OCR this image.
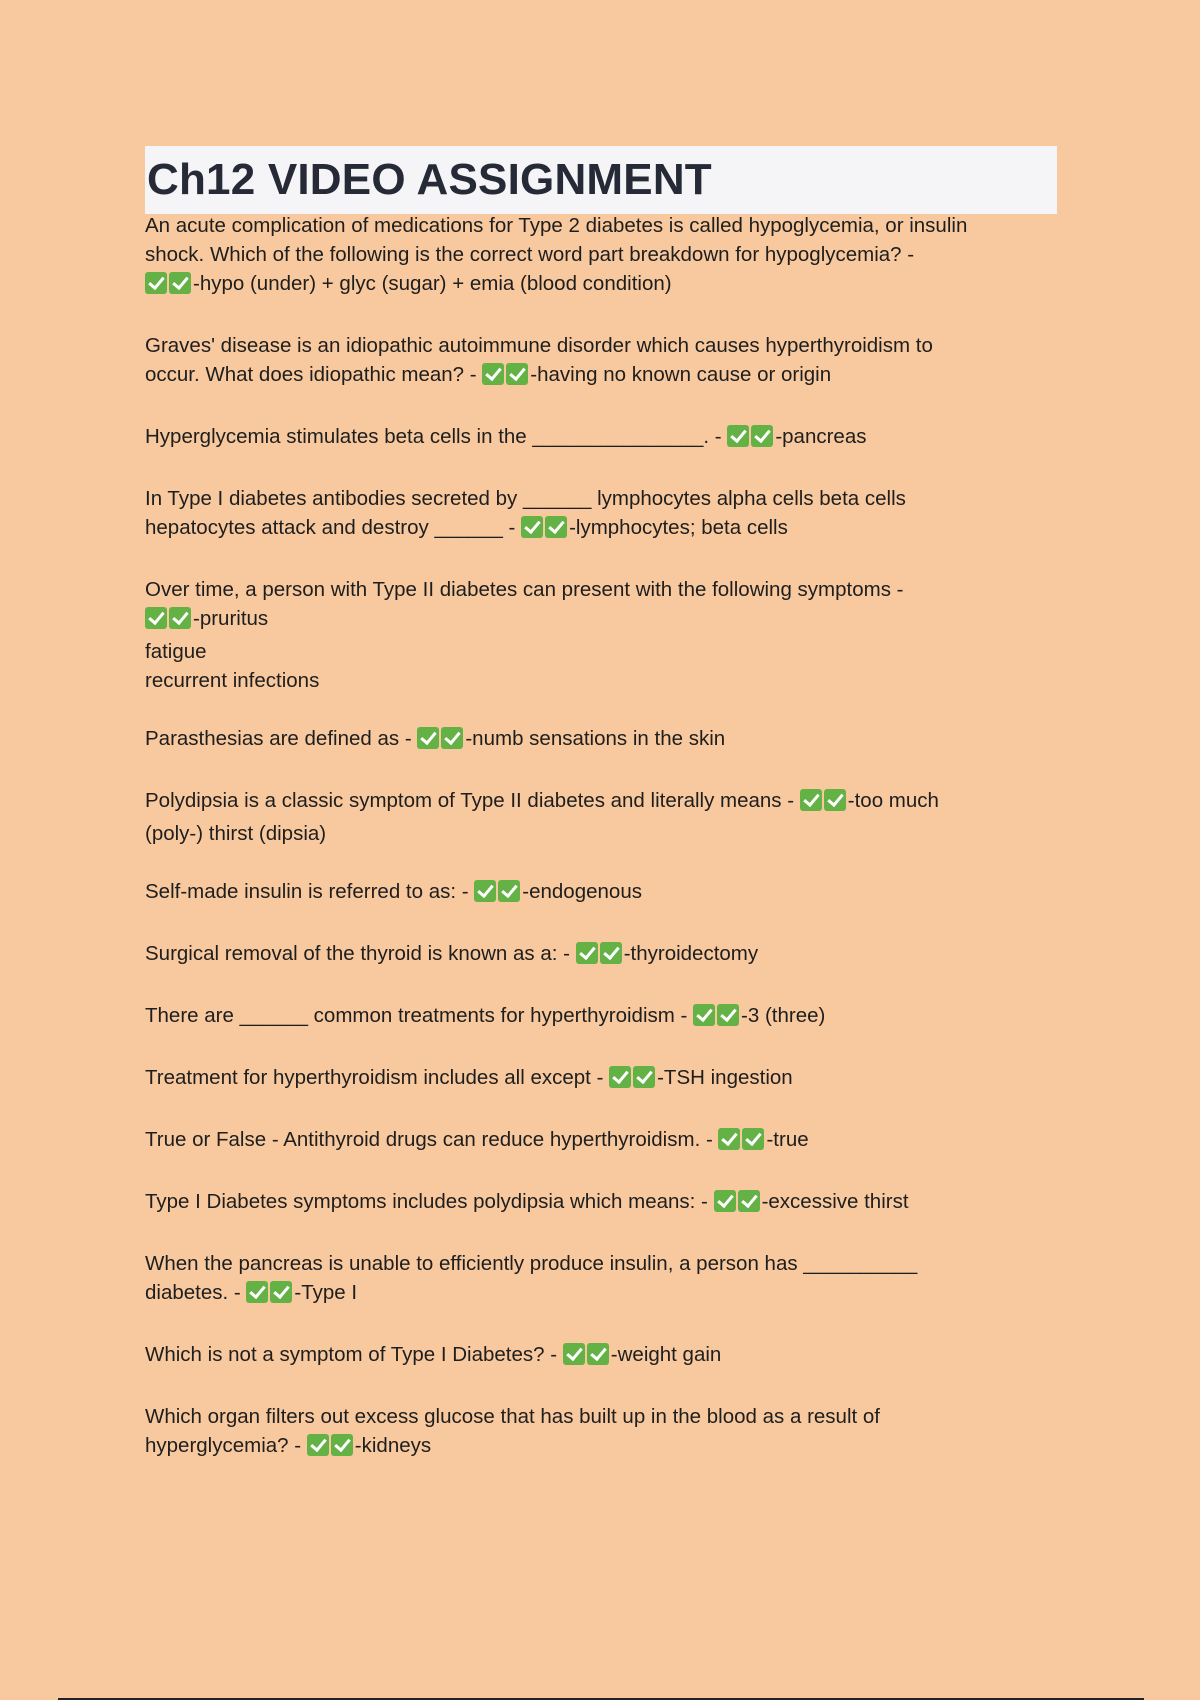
Ch12 VIDEO ASSIGNMENT
An acute complication of medications for Type 2 diabetes is called hypoglycemia, or insulin
shock. Which of the following is the correct word part breakdown for hypoglycemia? -
-hypo (under) + glyc (sugar) + emia (blood condition)
Graves' disease is an idiopathic autoimmune disorder which causes hyperthyroidism to
occur. What does idiopathic mean? - -having no known cause or origin
Hyperglycemia stimulates beta cells in the _______________. - -pancreas
In Type I diabetes antibodies secreted by ______ lymphocytes alpha cells beta cells
hepatocytes attack and destroy ______ - -lymphocytes; beta cells
Over time, a person with Type II diabetes can present with the following symptoms -
-pruritus
fatigue
recurrent infections
Parasthesias are defined as - -numb sensations in the skin
Polydipsia is a classic symptom of Type II diabetes and literally means - -too much
(poly-) thirst (dipsia)
Self-made insulin is referred to as: - -endogenous
Surgical removal of the thyroid is known as a: - -thyroidectomy
There are ______ common treatments for hyperthyroidism - -3 (three)
Treatment for hyperthyroidism includes all except - -TSH ingestion
True or False - Antithyroid drugs can reduce hyperthyroidism. - -true
Type I Diabetes symptoms includes polydipsia which means: - -excessive thirst
When the pancreas is unable to efficiently produce insulin, a person has __________
diabetes. - -Type I
Which is not a symptom of Type I Diabetes? - -weight gain
Which organ filters out excess glucose that has built up in the blood as a result of
hyperglycemia? - -kidneys
